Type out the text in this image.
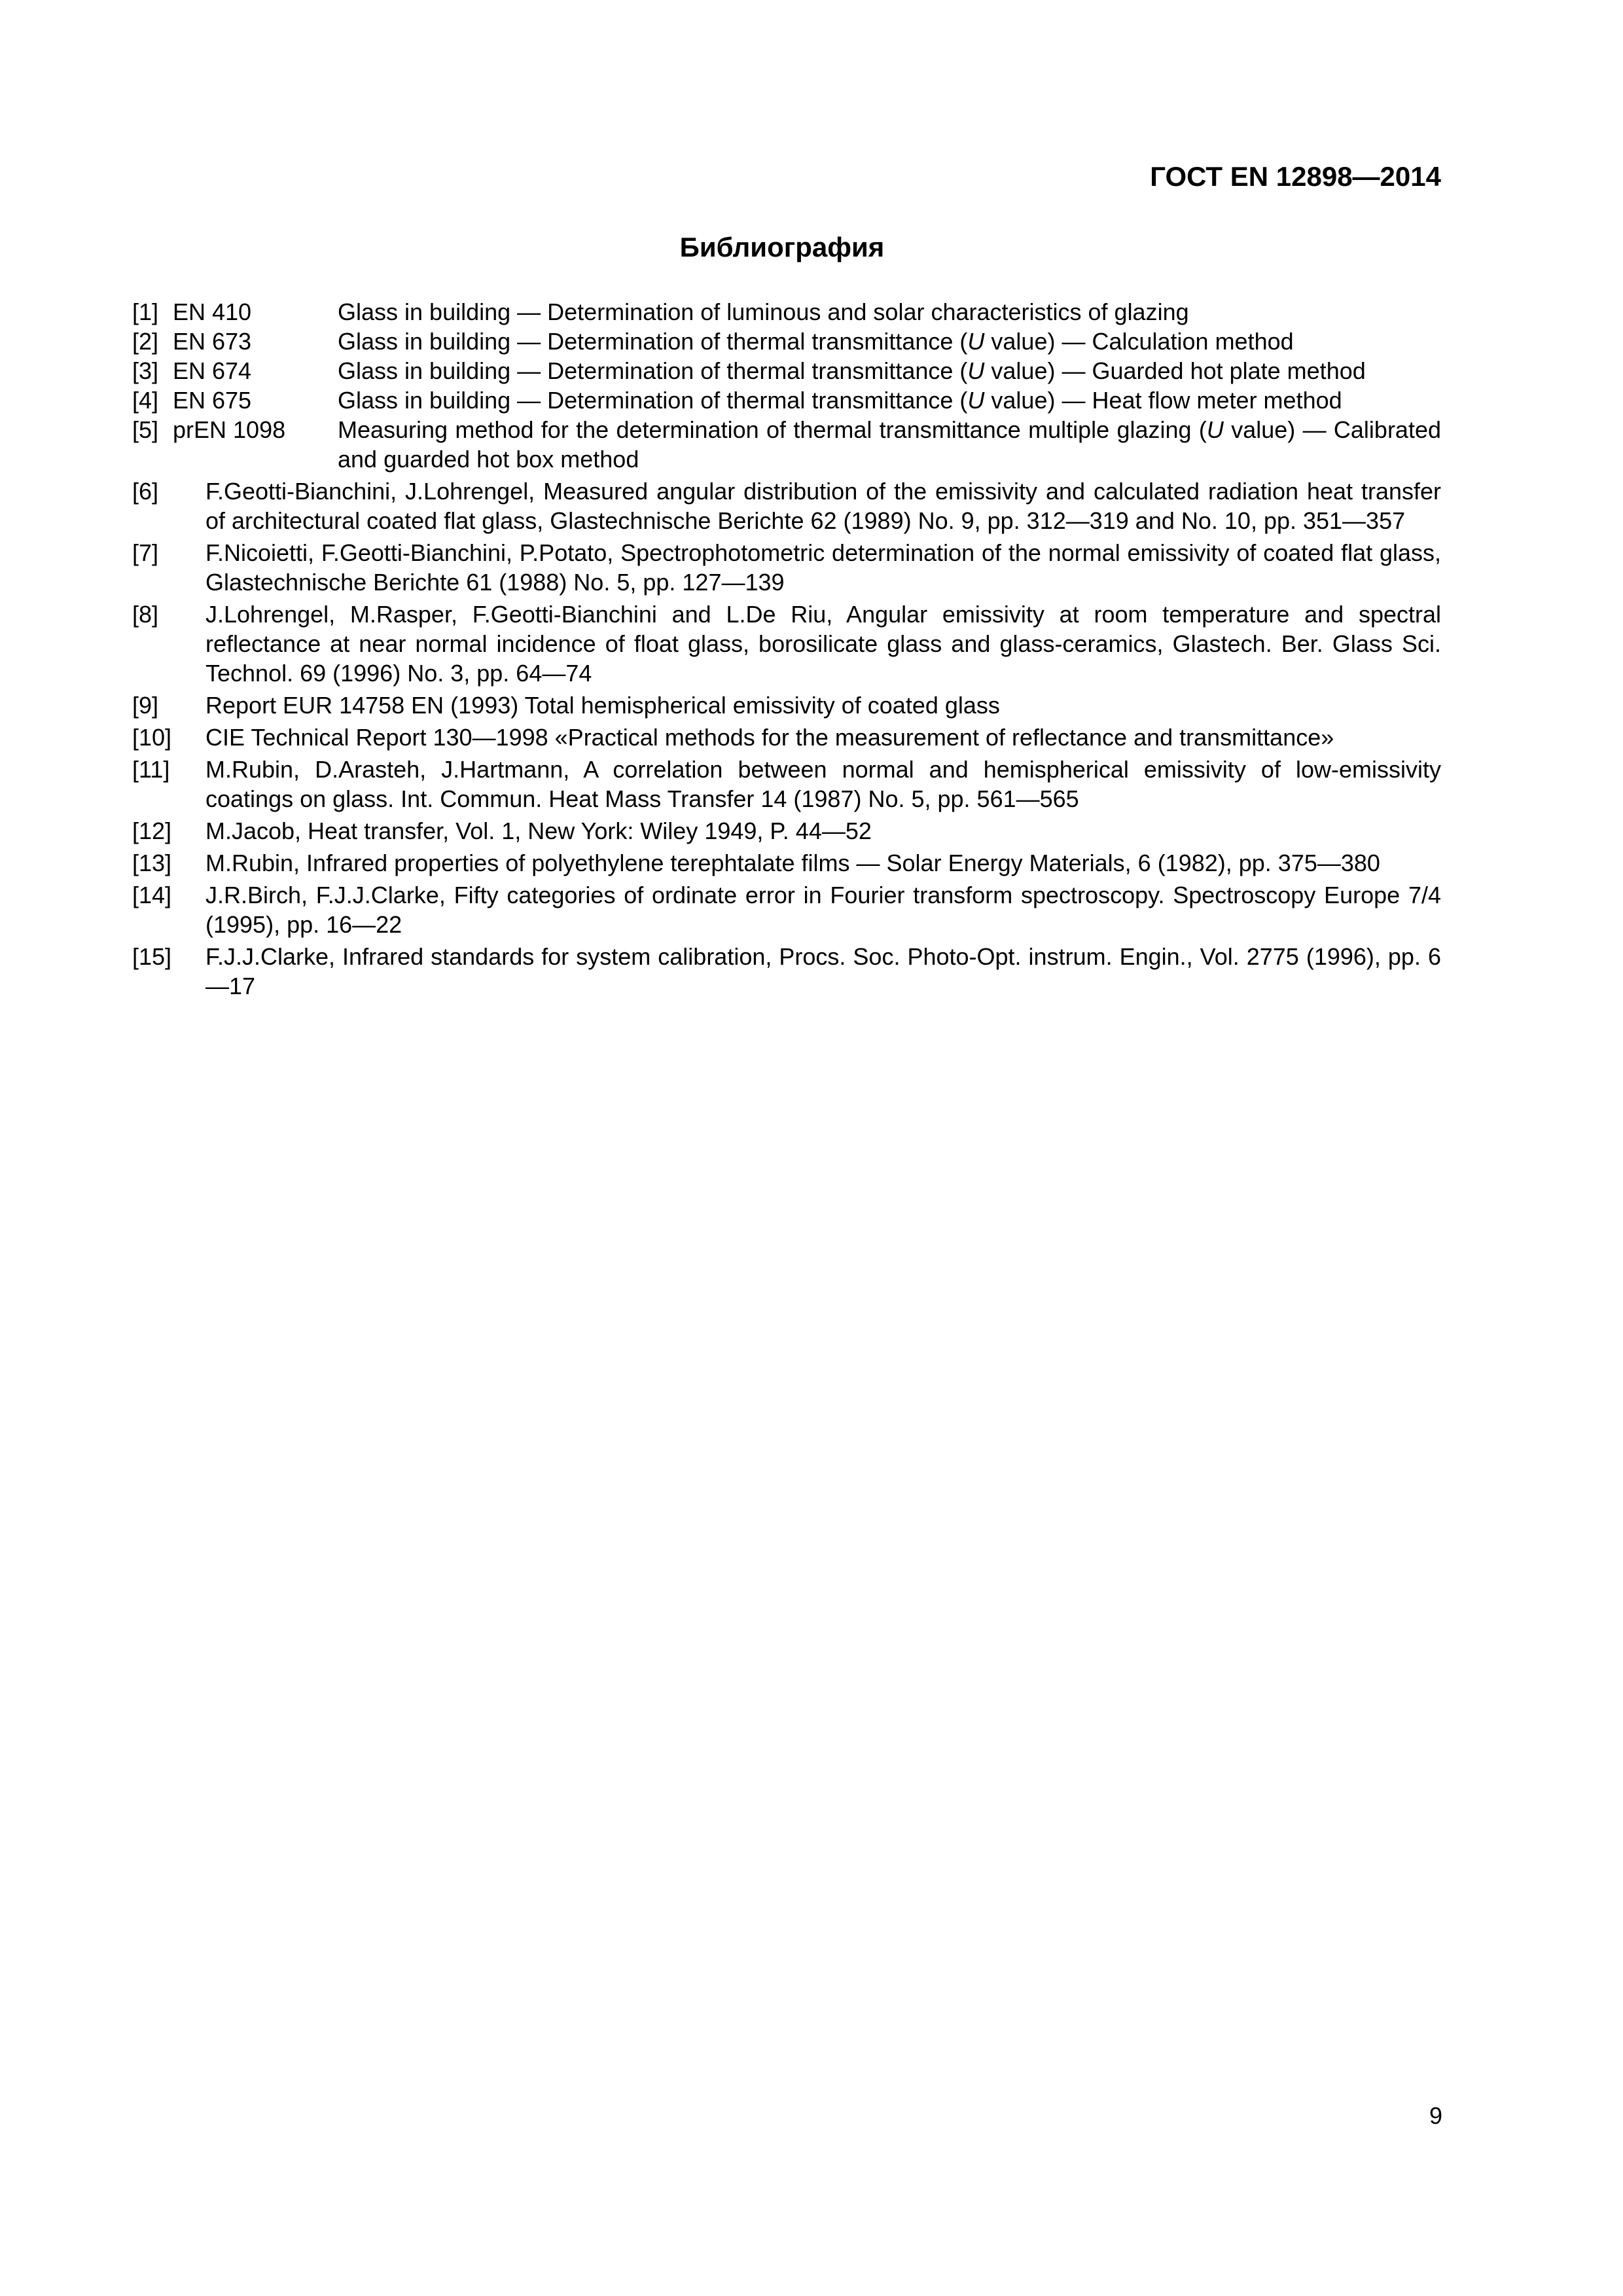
ГОСТ EN 12898—2014
Библиография
[1] EN 410	Glass in building — Determination of luminous and solar characteristics of glazing
[2] EN 673	Glass in building — Determination of thermal transmittance (U value) — Calculation method
[3] EN 674	Glass in building — Determination of thermal transmittance (U value) — Guarded hot plate method
[4] EN 675	Glass in building — Determination of thermal transmittance (U value) — Heat flow meter method
[5] prEN 1098 Measuring method for the determination of thermal transmittance multiple glazing (U value) — Calibrated and guarded hot box method
[6] F.Geotti-Bianchini, J.Lohrengel, Measured angular distribution of the emissivity and calculated radiation heat transfer of architectural coated flat glass, Glastechnische Berichte 62 (1989) No. 9, pp. 312—319 and No. 10, pp. 351—357
[7] F.Nicoietti, F.Geotti-Bianchini, P.Potato, Spectrophotometric determination of the normal emissivity of coated flat glass, Glastechnische Berichte 61 (1988) No. 5, pp. 127—139
[8] J.Lohrengel, M.Rasper, F.Geotti-Bianchini and L.De Riu, Angular emissivity at room temperature and spectral reflectance at near normal incidence of float glass, borosilicate glass and glass-ceramics, Glastech. Ber. Glass Sci. Technol. 69 (1996) No. 3, pp. 64—74
[9] Report EUR 14758 EN (1993) Total hemispherical emissivity of coated glass
[10] CIE Technical Report 130—1998 «Practical methods for the measurement of reflectance and transmittance»
[11] M.Rubin, D.Arasteh, J.Hartmann, A correlation between normal and hemispherical emissivity of low-emissivity coatings on glass. Int. Commun. Heat Mass Transfer 14 (1987) No. 5, pp. 561—565
[12] M.Jacob, Heat transfer, Vol. 1, New York: Wiley 1949, P. 44—52
[13] M.Rubin, Infrared properties of polyethylene terephtalate films — Solar Energy Materials, 6 (1982), pp. 375—380
[14] J.R.Birch, F.J.J.Clarke, Fifty categories of ordinate error in Fourier transform spectroscopy. Spectroscopy Europe 7/4 (1995), pp. 16—22
[15] F.J.J.Clarke, Infrared standards for system calibration, Procs. Soc. Photo-Opt. instrum. Engin., Vol. 2775 (1996), pp. 6—17
9
